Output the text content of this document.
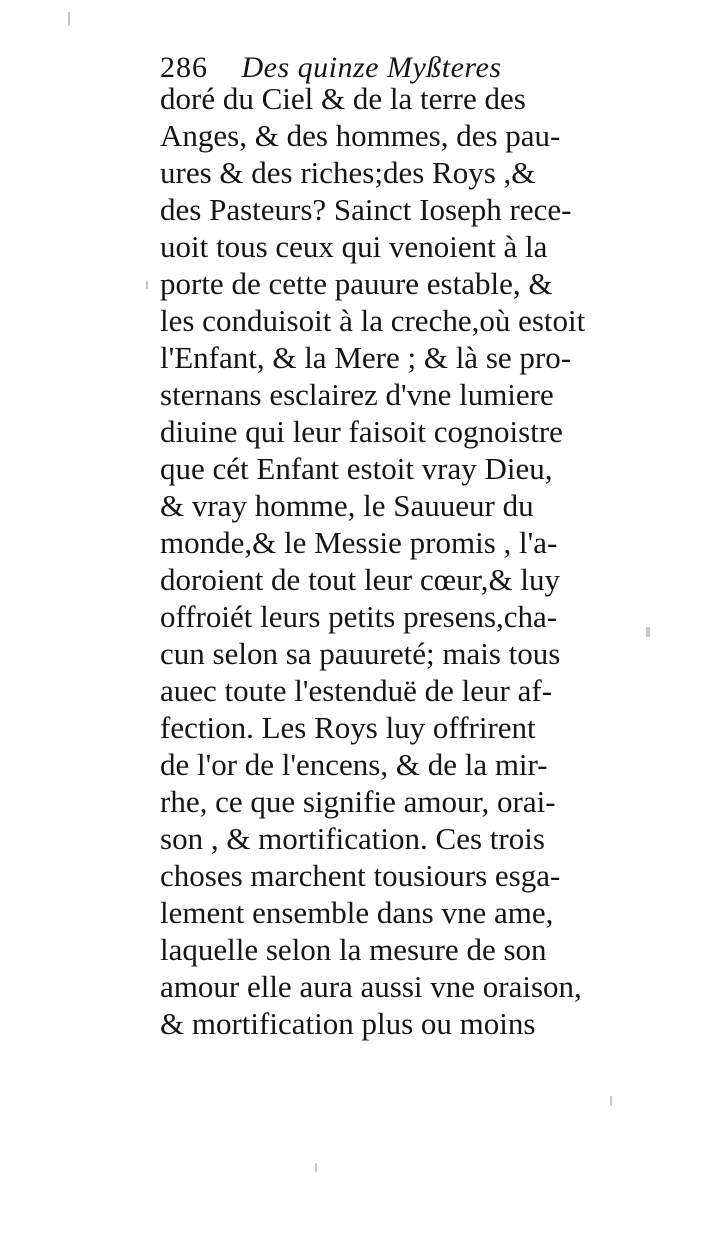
286 Des quinze Myßteres
doré du Ciel & de la terre des
Anges, & des hommes, des pau-
ures & des riches;des Roys ,&
des Pasteurs? Sainct Ioseph rece-
uoit tous ceux qui venoient à la
porte de cette pauure estable, &
les conduisoit à la creche,où estoit
l'Enfant, & la Mere ; & là se pro-
sternans esclairez d'vne lumiere
diuine qui leur faisoit cognoistre
que cét Enfant estoit vray Dieu,
& vray homme, le Sauueur du
monde,& le Messie promis , l'a-
doroient de tout leur cœur,& luy
offroiét leurs petits presens,cha-
cun selon sa pauureté; mais tous
auec toute l'estenduë de leur af-
fection. Les Roys luy offrirent
de l'or de l'encens, & de la mir-
rhe, ce que signifie amour, orai-
son , & mortification. Ces trois
choses marchent tousiours esga-
lement ensemble dans vne ame,
laquelle selon la mesure de son
amour elle aura aussi vne oraison,
& mortification plus ou moins
